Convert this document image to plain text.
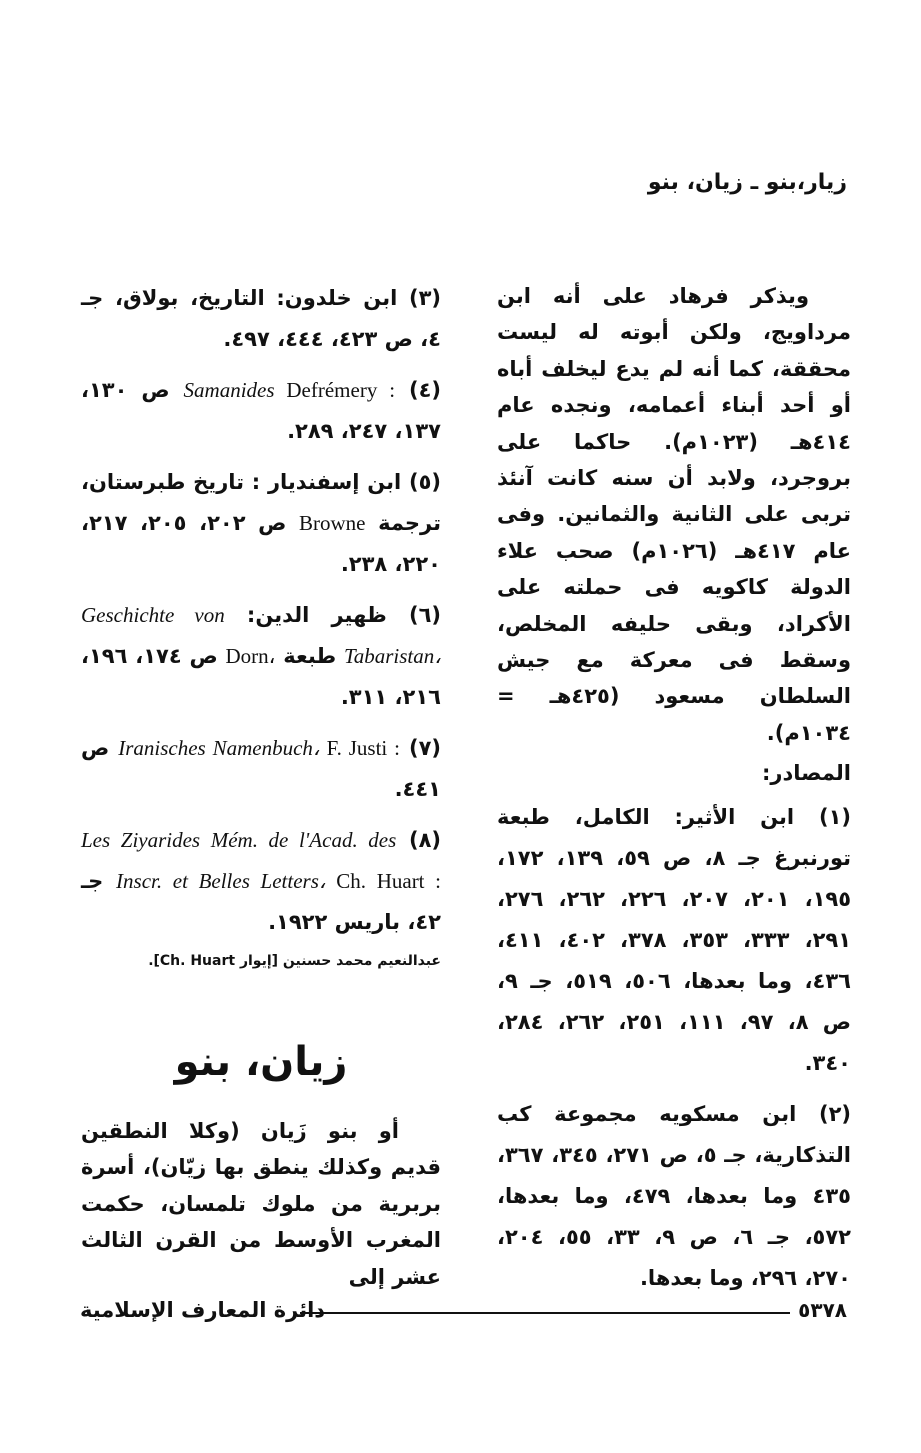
زيار،بنو ـ زيان، بنو

ويذكر فرهاد على أنه ابن مرداويج، ولكن أبوته له ليست محققة، كما أنه لم يدع ليخلف أباه أو أحد أبناء أعمامه، ونجده عام ٤١٤هـ (١٠٢٣م). حاكما على بروجرد، ولابد أن سنه كانت آنئذ تربى على الثانية والثمانين. وفى عام ٤١٧هـ (١٠٢٦م) صحب علاء الدولة كاكويه فى حملته على الأكراد، وبقى حليفه المخلص، وسقط فى معركة مع جيش السلطان مسعود (٤٢٥هـ = ١٠٣٤م).

المصادر:

(١) ابن الأثير: الكامل، طبعة تورنبرغ جـ ٨، ص ٥٩، ١٣٩، ١٧٢، ١٩٥، ٢٠١، ٢٠٧، ٢٢٦، ٢٦٢، ٢٧٦، ٢٩١، ٣٣٣، ٣٥٣، ٣٧٨، ٤٠٢، ٤١١، ٤٣٦، وما بعدها، ٥٠٦، ٥١٩، جـ ٩، ص ٨، ٩٧، ١١١، ٢٥١، ٢٦٢، ٢٨٤، ٣٤٠.

(٢) ابن مسكويه مجموعة كب التذكارية، جـ ٥، ص ٢٧١، ٣٤٥، ٣٦٧، ٤٣٥ وما بعدها، ٤٧٩، وما بعدها، ٥٧٢، جـ ٦، ص ٩، ٣٣، ٥٥، ٢٠٤، ٢٧٠، ٢٩٦، وما بعدها.

(٣) ابن خلدون: التاريخ، بولاق، جـ ٤، ص ٤٢٣، ٤٤٤، ٤٩٧.

(٤) Samanides Defrémery : ص ١٣٠، ١٣٧، ٢٤٧، ٢٨٩.

(٥) ابن إسفنديار : تاريخ طبرستان، ترجمة Browne ص ٢٠٢، ٢٠٥، ٢١٧، ٢٢٠، ٢٣٨.

(٦) ظهير الدين: Geschichte von Tabaristan، طبعة Dorn، ص ١٧٤، ١٩٦، ٢١٦، ٣١١.

(٧) Iranisches Namenbuch، F. Justi : ص ٤٤١.

(٨) Les Ziyarides Mém. de l'Acad. des Inscr. et Belles Letters، Ch. Huart : جـ ٤٢، باريس ١٩٢٢.

عبدالنعيم محمد حسنين [إيوار Ch. Huart].
زيان، بنو

أو بنو زَيان (وكلا النطقين قديم وكذلك ينطق بها زيّان)، أسرة بربرية من ملوك تلمسان، حكمت المغرب الأوسط من القرن الثالث عشر إلى

٥٣٧٨
دائرة المعارف الإسلامية
